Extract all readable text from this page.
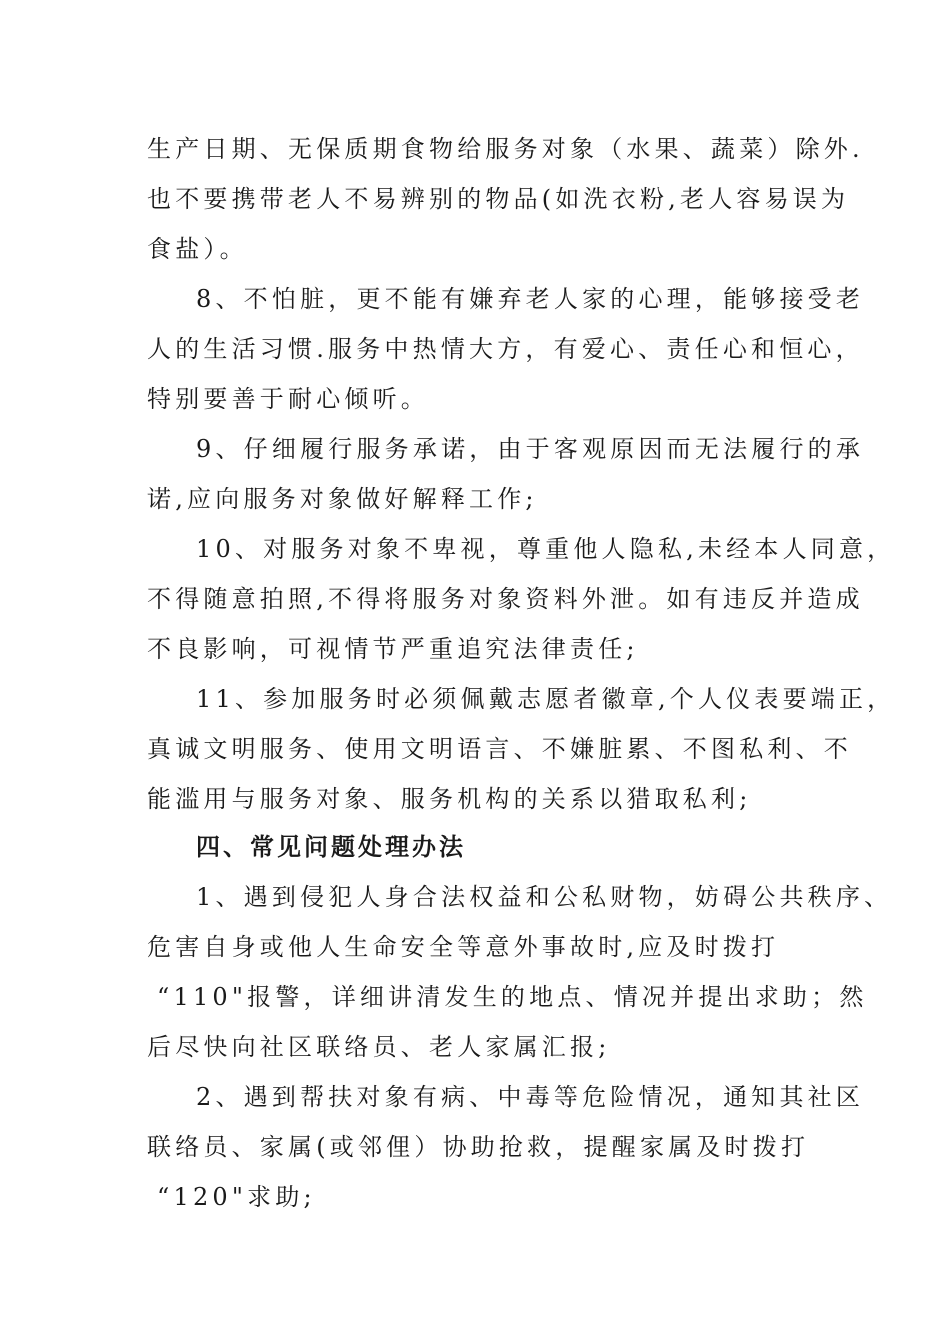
生产日期、无保质期食物给服务对象（水果、蔬菜）除外.
也不要携带老人不易辨别的物品(如洗衣粉,老人容易误为
食盐）。
8、不怕脏，更不能有嫌弃老人家的心理，能够接受老
人的生活习惯.服务中热情大方，有爱心、责任心和恒心，
特别要善于耐心倾听。
9、仔细履行服务承诺，由于客观原因而无法履行的承
诺,应向服务对象做好解释工作;
10、对服务对象不卑视，尊重他人隐私,未经本人同意，
不得随意拍照,不得将服务对象资料外泄。如有违反并造成
不良影响，可视情节严重追究法律责任;
11、参加服务时必须佩戴志愿者徽章,个人仪表要端正，
真诚文明服务、使用文明语言、不嫌脏累、不图私利、不
能滥用与服务对象、服务机构的关系以猎取私利;
四、常见问题处理办法
1、遇到侵犯人身合法权益和公私财物，妨碍公共秩序、
危害自身或他人生命安全等意外事故时,应及时拨打
“110"报警，详细讲清发生的地点、情况并提出求助；然
后尽快向社区联络员、老人家属汇报;
2、遇到帮扶对象有病、中毒等危险情况，通知其社区
联络员、家属(或邻俚）协助抢救，提醒家属及时拨打
“120"求助;
